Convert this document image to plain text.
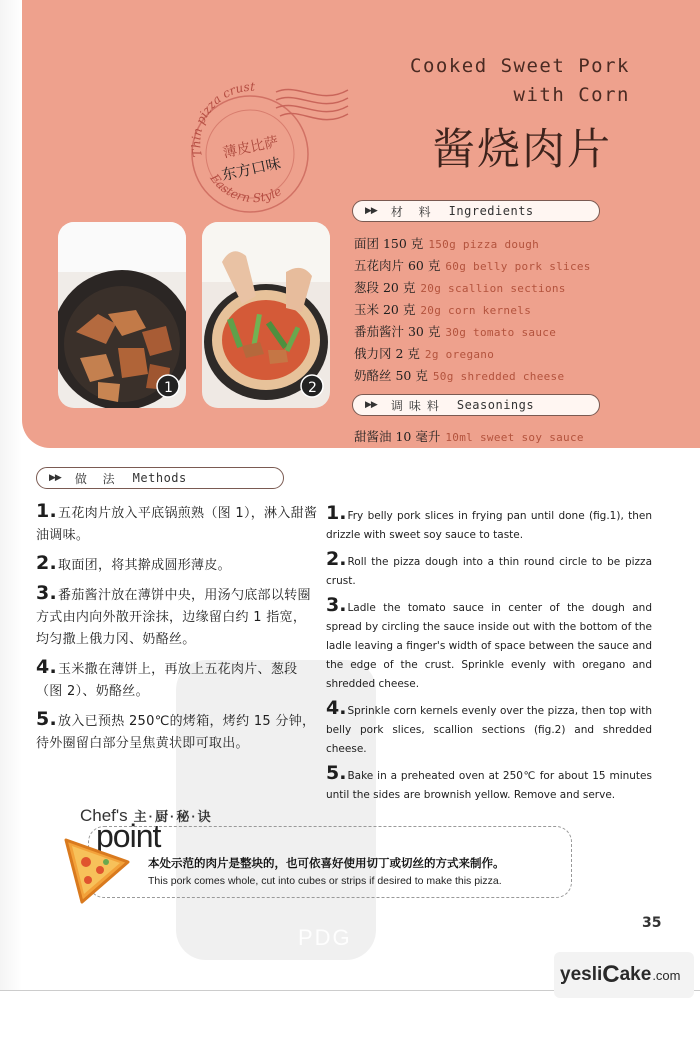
Thin pizza crust
Eastern Style
薄皮比萨
东方口味
Cooked Sweet Pork
with Corn
酱烧肉片
1	2
▶▶ 材 料 Ingredients
面团 150 克 150g pizza dough
五花肉片 60 克 60g belly pork slices
葱段 20 克 20g scallion sections
玉米 20 克 20g corn kernels
番茄酱汁 30 克 30g tomato sauce
俄力冈 2 克 2g oregano
奶酪丝 50 克 50g shredded cheese
▶▶ 调味料 Seasonings
甜酱油 10 毫升 10ml sweet soy sauce
▶▶ 做 法 Methods
PDG
1.五花肉片放入平底锅煎熟（图 1），淋入甜酱油调味。
2.取面团，将其擀成圆形薄皮。
3.番茄酱汁放在薄饼中央，用汤勺底部以转圈方式由内向外散开涂抹，边缘留白约 1 指宽，均匀撒上俄力冈、奶酪丝。
4.玉米撒在薄饼上，再放上五花肉片、葱段（图 2）、奶酪丝。
5.放入已预热 250℃的烤箱，烤约 15 分钟，待外圈留白部分呈焦黄状即可取出。
1.Fry belly pork slices in frying pan until done (fig.1), then drizzle with sweet soy sauce to taste.
2.Roll the pizza dough into a thin round circle to be pizza crust.
3.Ladle the tomato sauce in center of the dough and spread by circling the sauce inside out with the bottom of the ladle leaving a finger's width of space between the sauce and the edge of the crust. Sprinkle evenly with oregano and shredded cheese.
4.Sprinkle corn kernels evenly over the pizza, then top with belly pork slices, scallion sections (fig.2) and shredded cheese.
5.Bake in a preheated oven at 250℃ for about 15 minutes until the sides are brownish yellow. Remove and serve.
Chef's 主·厨·秘·诀
point
本处示范的肉片是整块的，也可依喜好使用切丁或切丝的方式来制作。
This pork comes whole, cut into cubes or strips if desired to make this pizza.
35
yesli C ake .com
